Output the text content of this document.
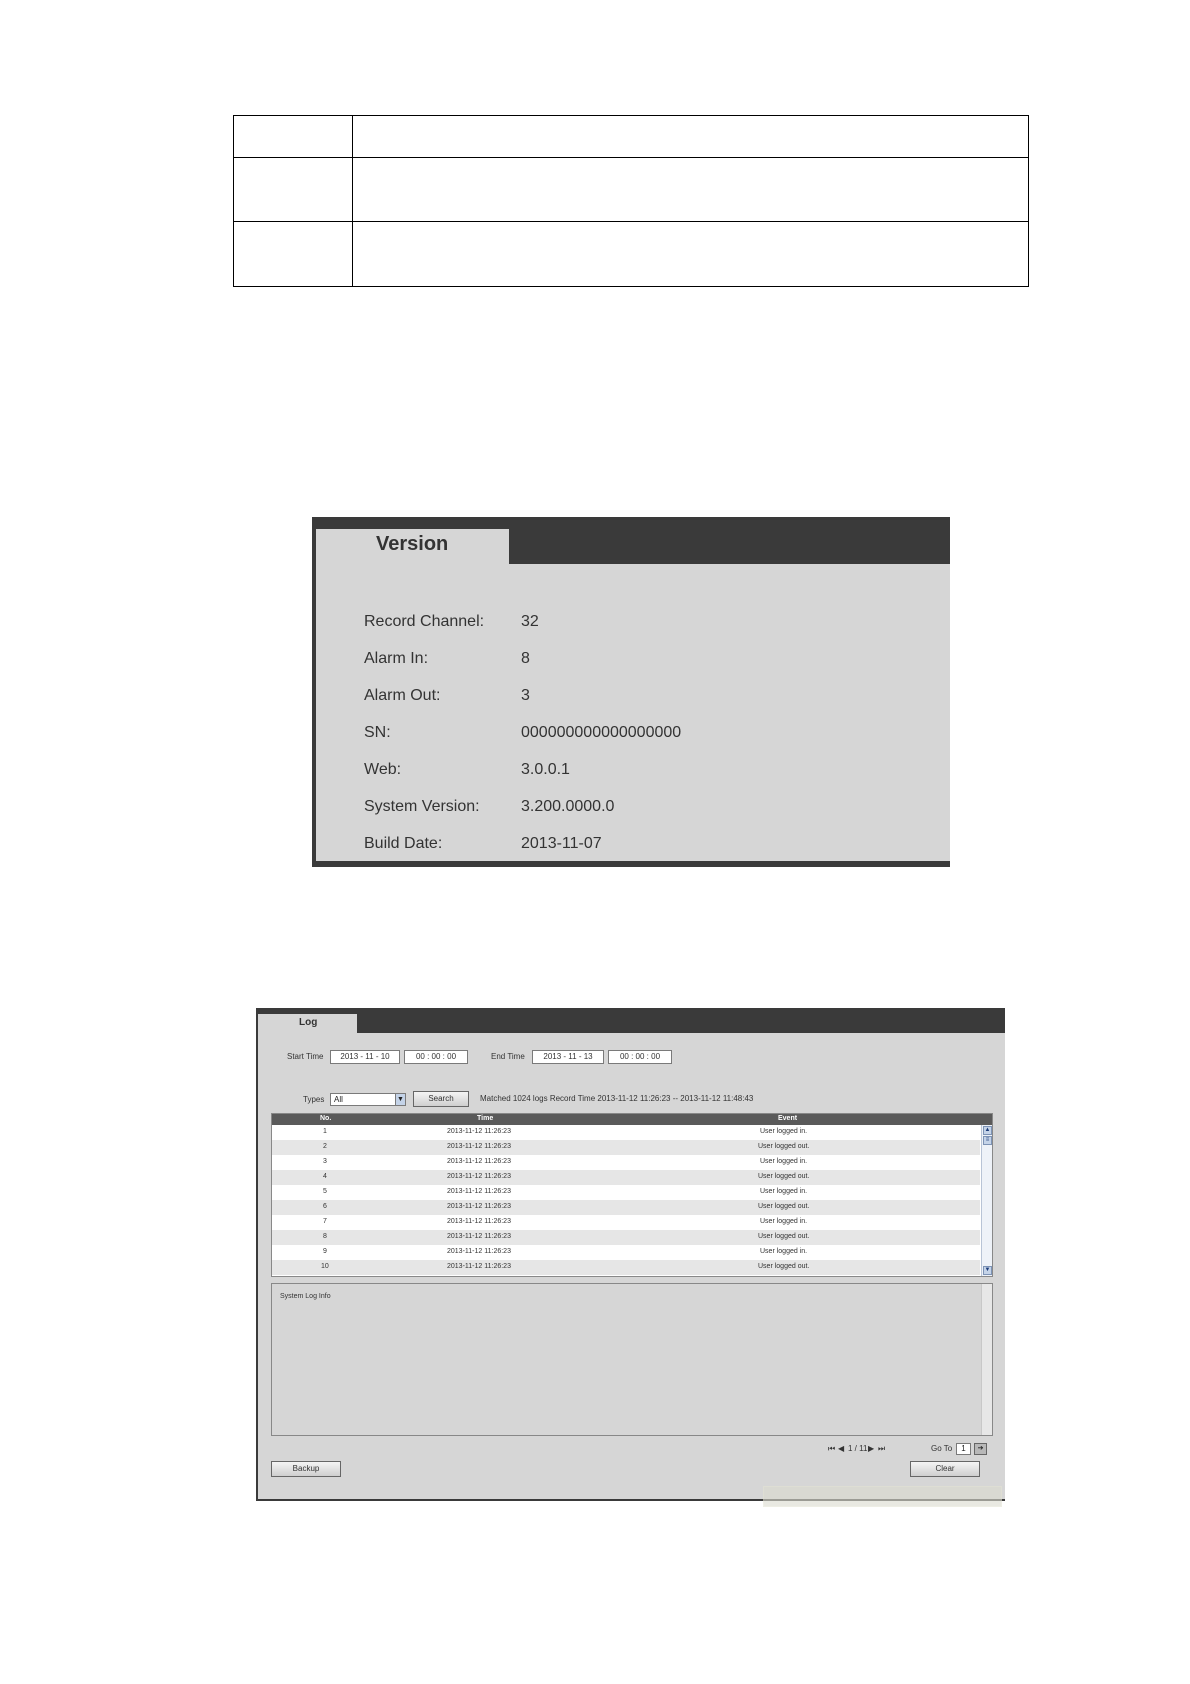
Version
Record Channel: 32
Alarm In:	8
Alarm Out:	3
SN:	000000000000000000
Web:	3.0.0.1
System Version:	3.200.0000.0
Build Date:	2013-11-07
Log
Start Time	2013 - 11 - 10	00 : 00 : 00	End Time	2013 - 11 - 13	00 : 00 : 00
Types	All	▼	Search	Matched 1024 logs Record Time 2013-11-12 11:26:23 -- 2013-11-12 11:48:43
No.	Time	Event
1	2013-11-12 11:26:23	User logged in.
2	2013-11-12 11:26:23	User logged out.
3	2013-11-12 11:26:23	User logged in.
4	2013-11-12 11:26:23	User logged out.
5	2013-11-12 11:26:23	User logged in.
6	2013-11-12 11:26:23	User logged out.
7	2013-11-12 11:26:23	User logged in.
8	2013-11-12 11:26:23	User logged out.
9	2013-11-12 11:26:23	User logged in.
10	2013-11-12 11:26:23	User logged out.
▲
≡
▼
System Log Info
⏮ ◀ 1 / 11 ▶ ⏭	Go To	1	➔
Backup	Clear
